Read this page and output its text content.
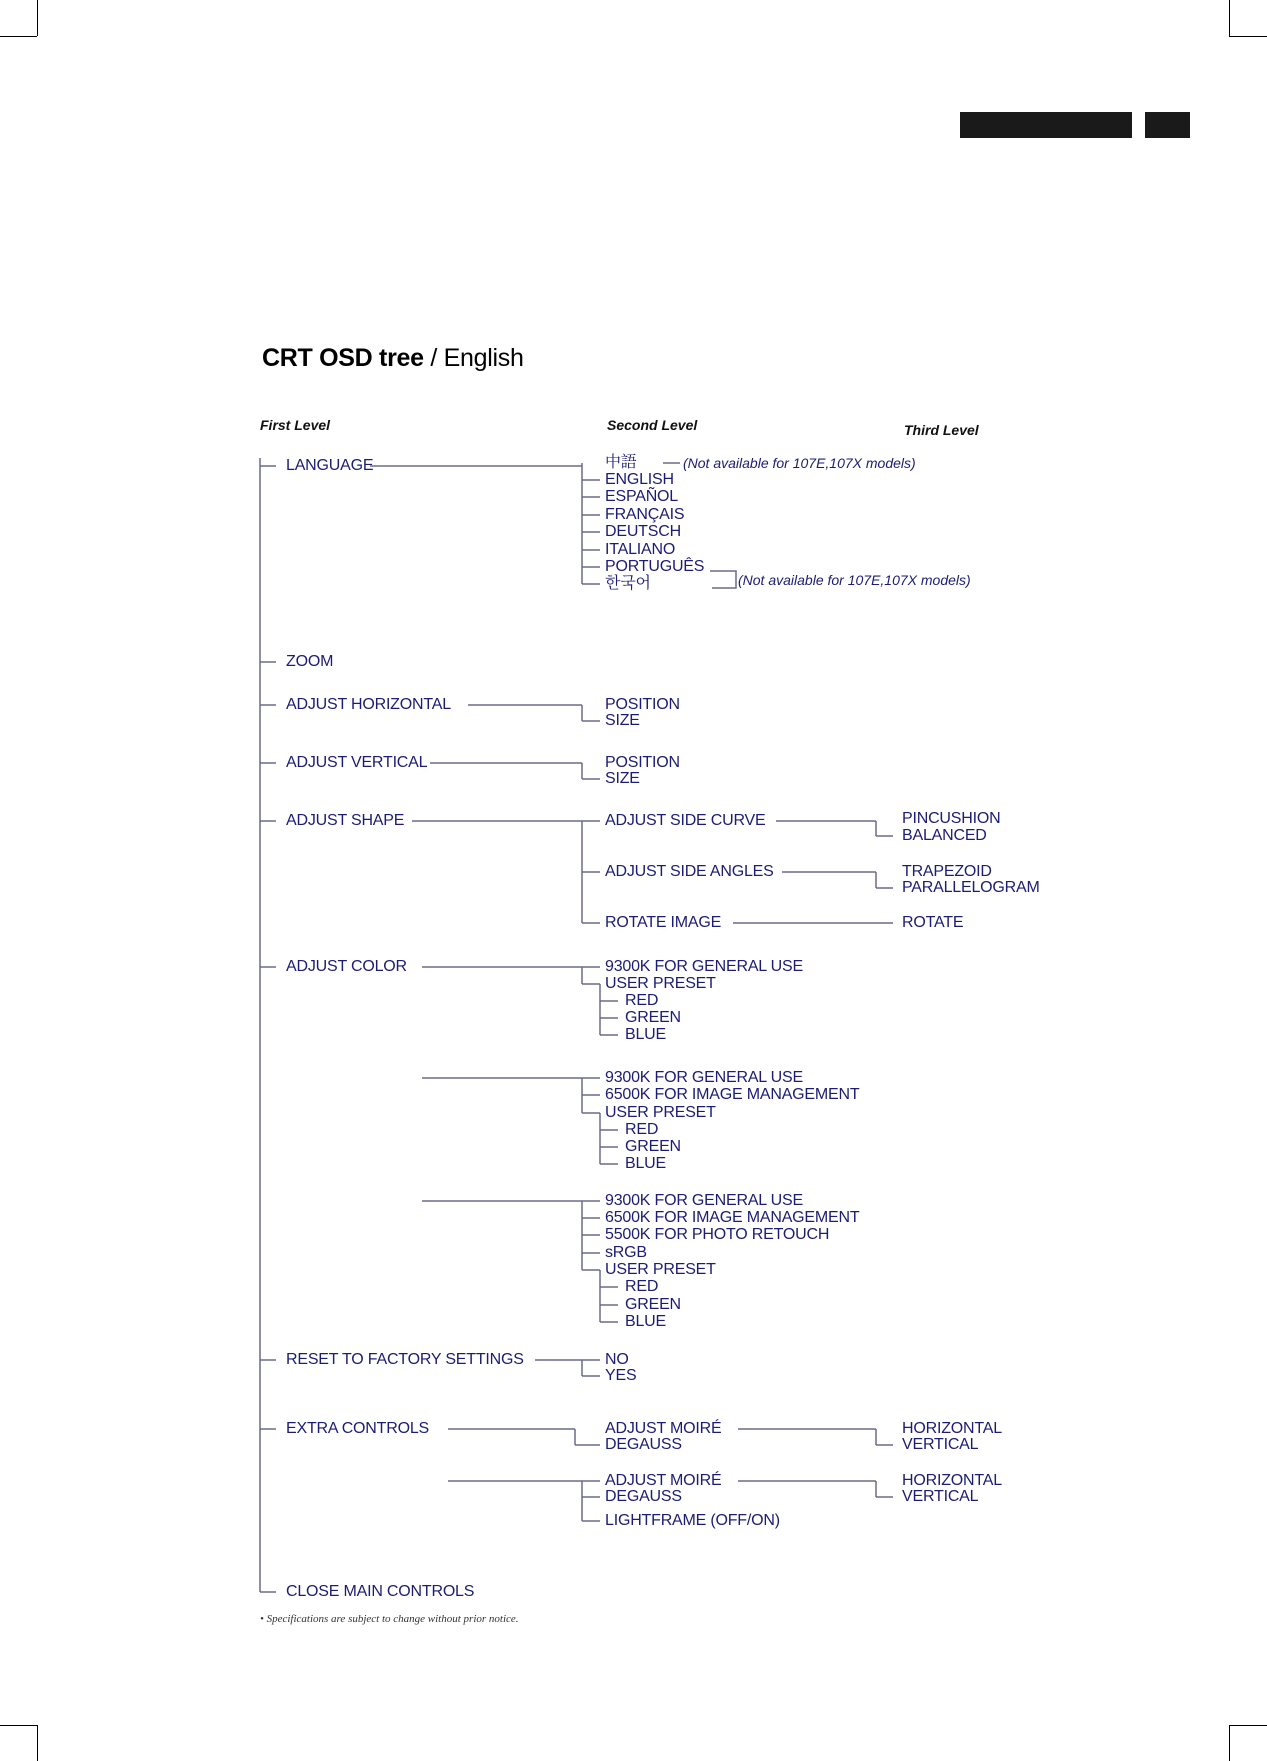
CRT OSD tree / English
First Level	Second Level	Third Level
LANGUAGE
ZOOM
ADJUST HORIZONTAL
ADJUST VERTICAL
ADJUST SHAPE
ADJUST COLOR
RESET TO FACTORY SETTINGS
EXTRA CONTROLS
CLOSE MAIN CONTROLS
中語
ENGLISH
ESPAÑOL
FRANÇAIS
DEUTSCH
ITALIANO
PORTUGUÊS
한국어
(Not available for 107E,107X models)
(Not available for 107E,107X models)
POSITION
SIZE
POSITION
SIZE
ADJUST SIDE CURVE	PINCUSHION
BALANCED
ADJUST SIDE ANGLES	TRAPEZOID
PARALLELOGRAM
ROTATE IMAGE	ROTATE
9300K FOR GENERAL USE
USER PRESET
RED
GREEN
BLUE
9300K FOR GENERAL USE
6500K FOR IMAGE MANAGEMENT
USER PRESET
RED
GREEN
BLUE
9300K FOR GENERAL USE
6500K FOR IMAGE MANAGEMENT
5500K FOR PHOTO RETOUCH
sRGB
USER PRESET
RED
GREEN
BLUE
NO
YES
ADJUST MOIRÉ
DEGAUSS
HORIZONTAL
VERTICAL
ADJUST MOIRÉ
DEGAUSS
LIGHTFRAME (OFF/ON)
HORIZONTAL
VERTICAL
• Specifications are subject to change without prior notice.
